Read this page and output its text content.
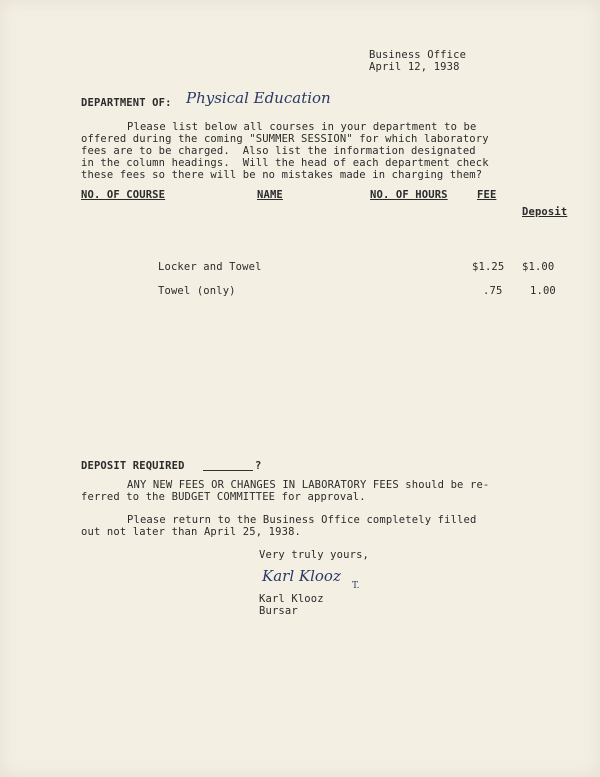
Business Office
April 12, 1938
DEPARTMENT OF: Physical Education
Please list below all courses in your department to be
offered during the coming "SUMMER SESSION" for which laboratory
fees are to be charged.  Also list the information designated
in the column headings.  Will the head of each department check
these fees so there will be no mistakes made in charging them?
NO. OF COURSE	NAME	NO. OF HOURS	FEE
Deposit
Locker and Towel	$1.25 $1.00
Towel (only)	.75	1.00
DEPOSIT REQUIRED	?
ANY NEW FEES OR CHANGES IN LABORATORY FEES should be re-
ferred to the BUDGET COMMITTEE for approval.
Please return to the Business Office completely filled
out not later than April 25, 1938.
Very truly yours,
Karl Klooz
T.
Karl Klooz
Bursar
